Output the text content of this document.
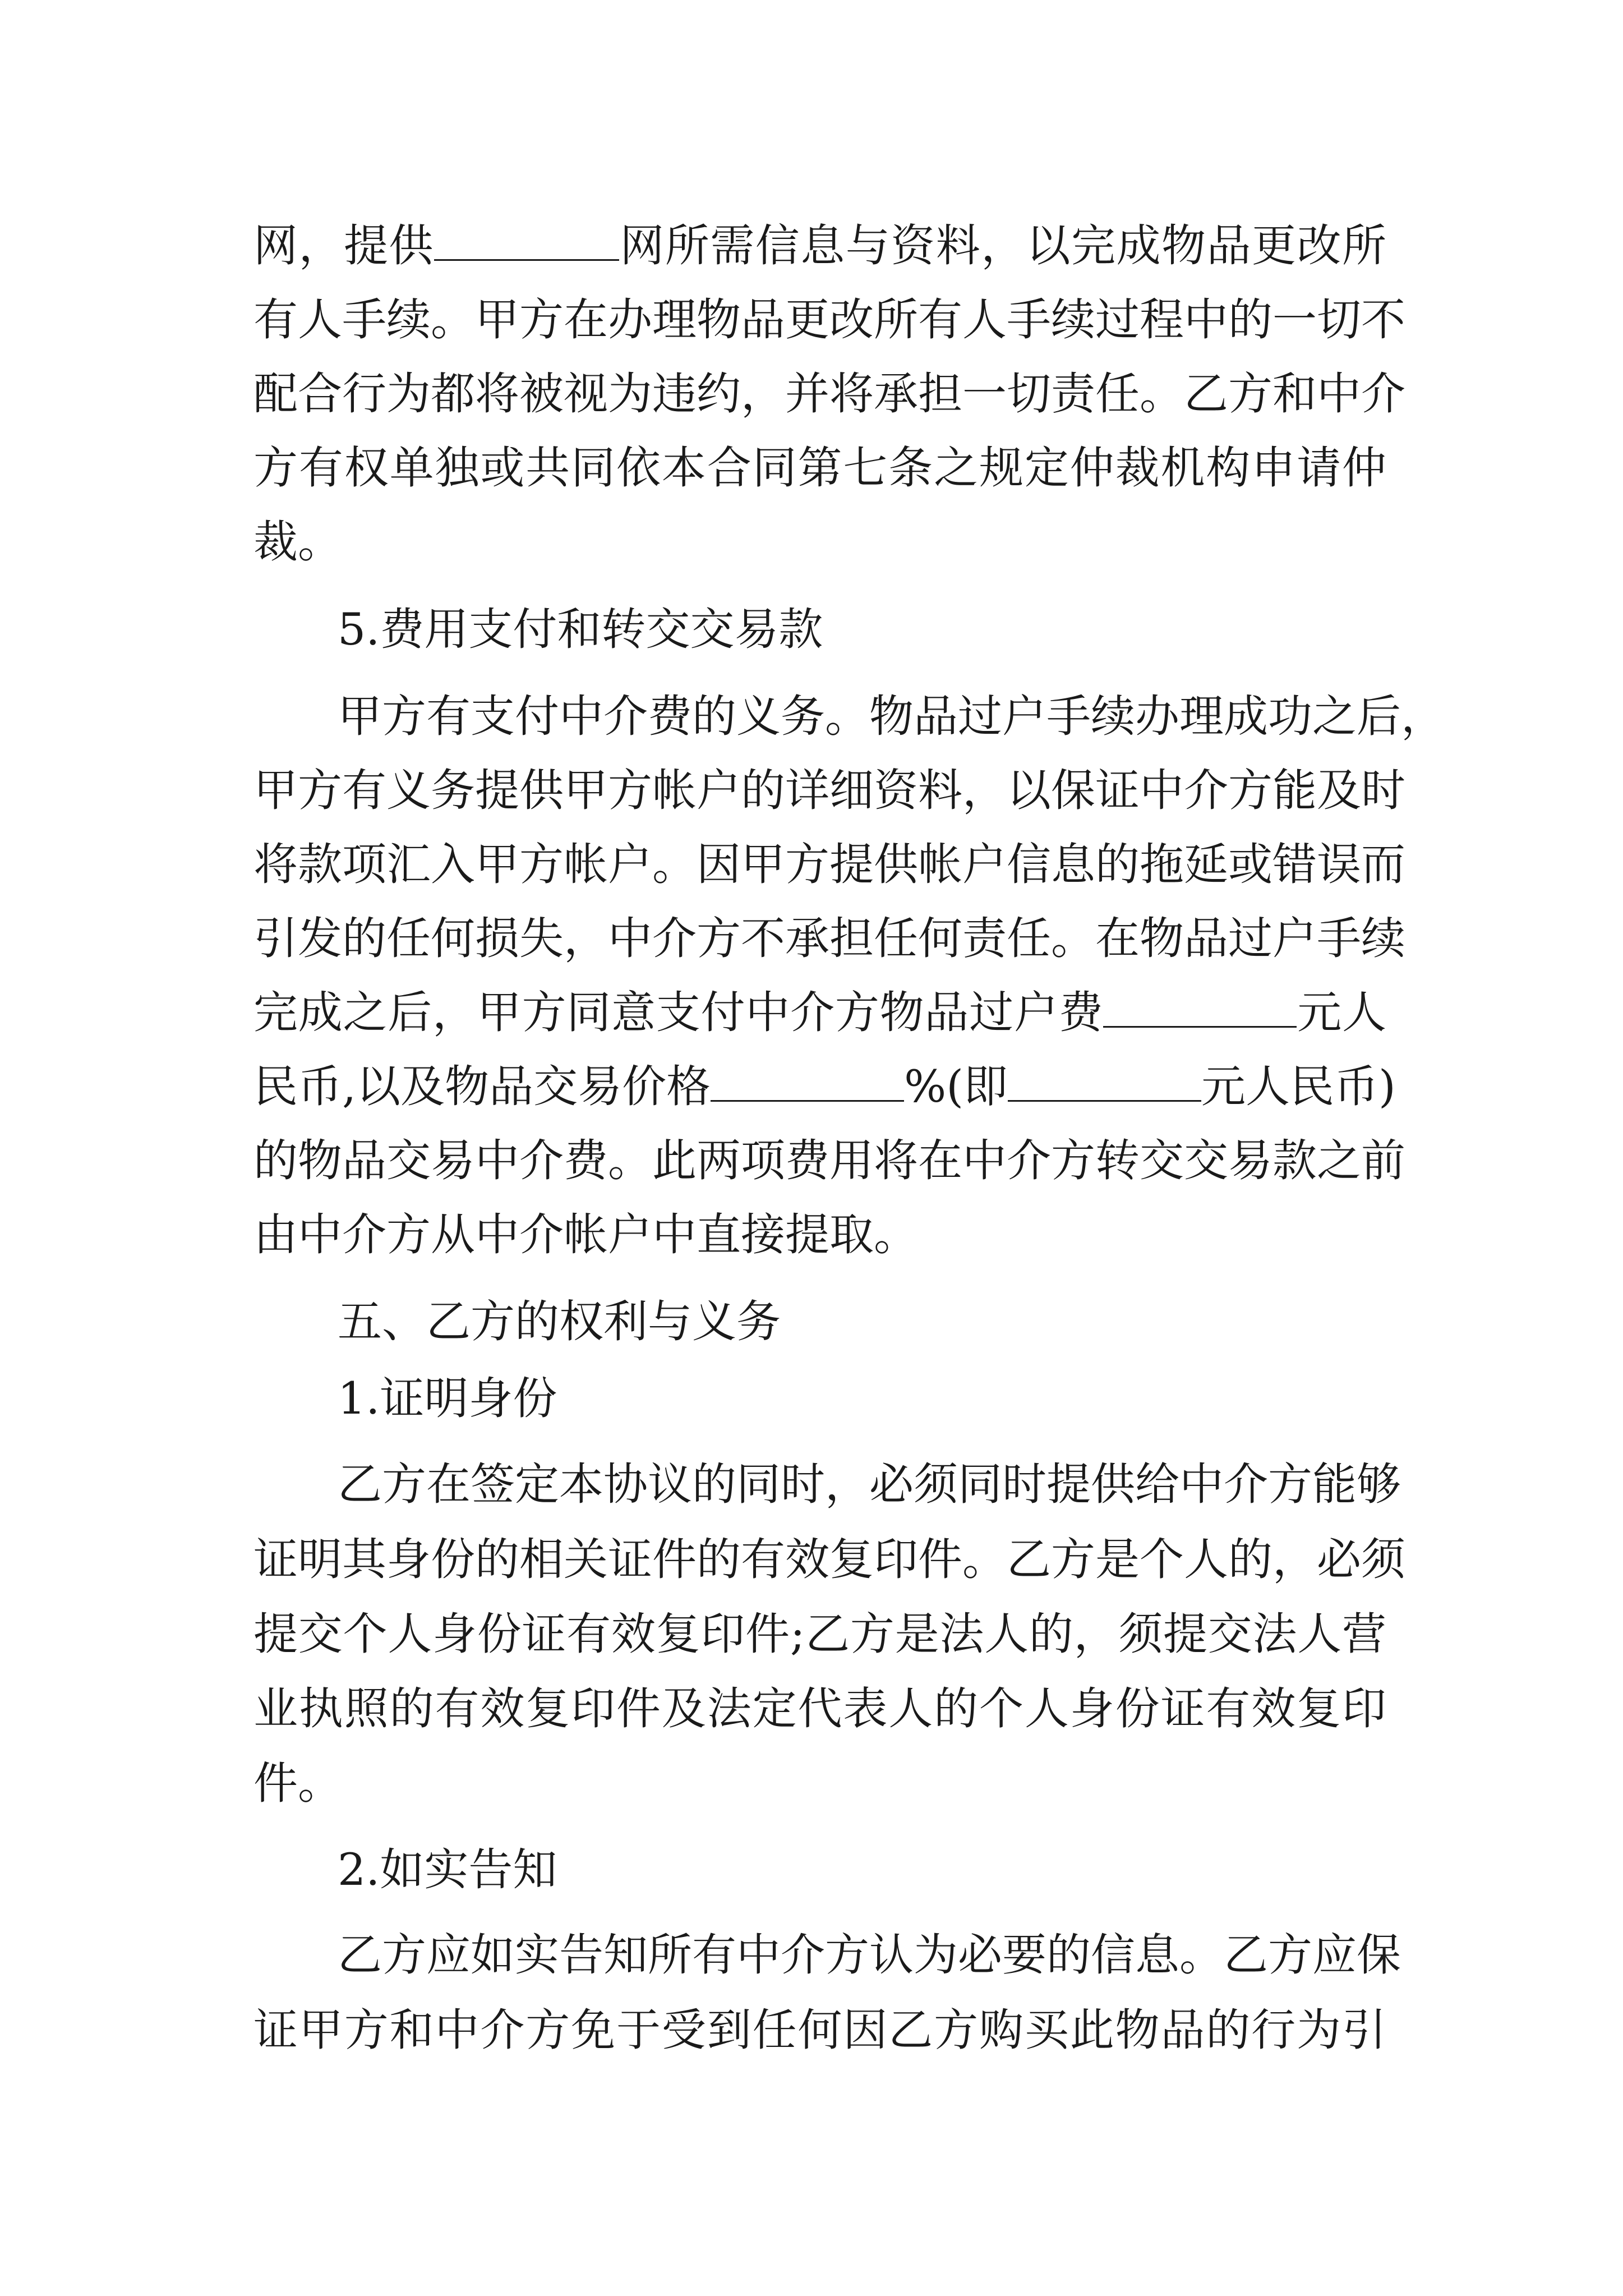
网，提供	网所需信息与资料，以完成物品更改所
有人手续。甲方在办理物品更改所有人手续过程中的一切不
配合行为都将被视为违约，并将承担一切责任。乙方和中介
方有权单独或共同依本合同第七条之规定仲裁机构申请仲
裁。
5.费用支付和转交交易款
甲方有支付中介费的义务。物品过户手续办理成功之后，
甲方有义务提供甲方帐户的详细资料，以保证中介方能及时
将款项汇入甲方帐户。因甲方提供帐户信息的拖延或错误而
引发的任何损失，中介方不承担任何责任。在物品过户手续
完成之后，甲方同意支付中介方物品过户费	元人
民币,以及物品交易价格	%(即	元人民币)
的物品交易中介费。此两项费用将在中介方转交交易款之前
由中介方从中介帐户中直接提取。
五、乙方的权利与义务
1.证明身份
乙方在签定本协议的同时，必须同时提供给中介方能够
证明其身份的相关证件的有效复印件。乙方是个人的，必须
提交个人身份证有效复印件;乙方是法人的，须提交法人营
业执照的有效复印件及法定代表人的个人身份证有效复印
件。
2.如实告知
乙方应如实告知所有中介方认为必要的信息。乙方应保
证甲方和中介方免于受到任何因乙方购买此物品的行为引
